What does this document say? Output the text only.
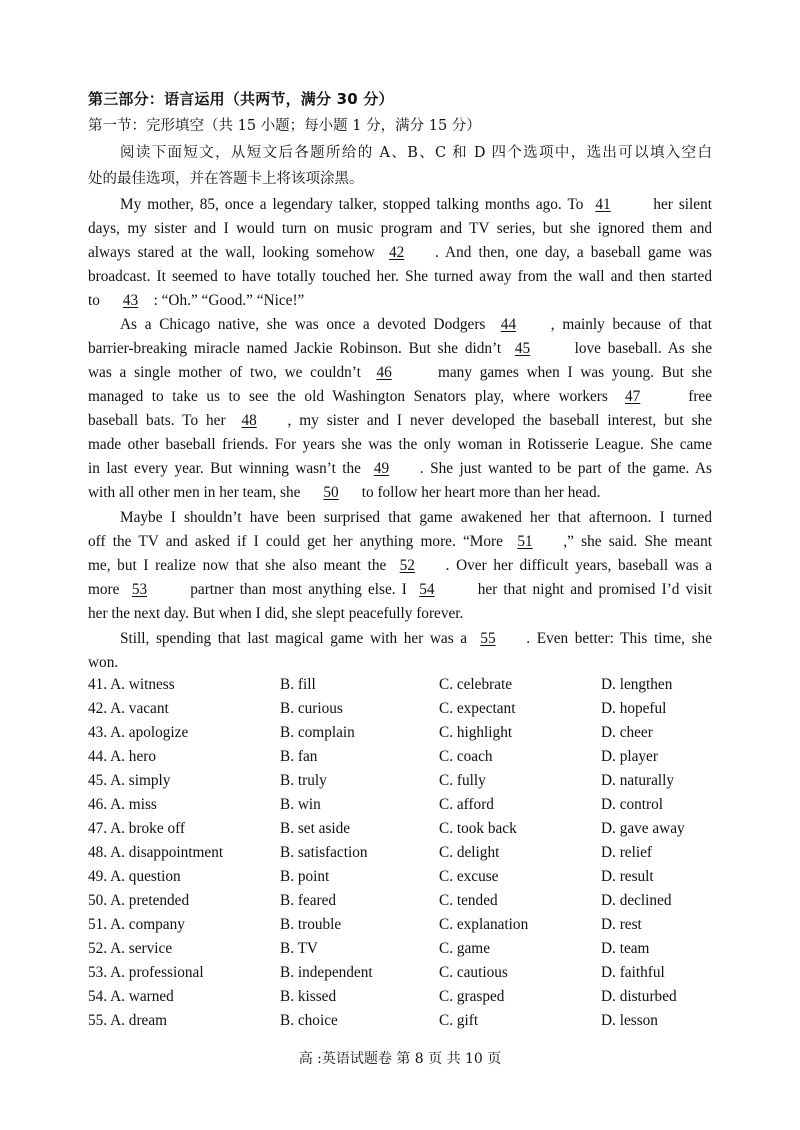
第三部分：语言运用（共两节，满分 30 分）
第一节：完形填空（共 15 小题；每小题 1 分，满分 15 分）
阅读下面短文，从短文后各题所给的 A、B、C 和 D 四个选项中，选出可以填入空白
处的最佳选项，并在答题卡上将该项涂黑。
My mother, 85, once a legendary talker, stopped talking months ago. To 41	her silent
days, my sister and I would turn on music program and TV series, but she ignored them and
always stared at the wall, looking somehow 42 . And then, one day, a baseball game was
broadcast. It seemed to have totally touched her. She turned away from the wall and then started
to 43 : “Oh.” “Good.” “Nice!”
As a Chicago native, she was once a devoted Dodgers 44 , mainly because of that
barrier-breaking miracle named Jackie Robinson. But she didn’t 45	love baseball. As she
was a single mother of two, we couldn’t 46	many games when I was young. But she
managed to take us to see the old Washington Senators play, where workers 47	free
baseball bats. To her 48 , my sister and I never developed the baseball interest, but she
made other baseball friends. For years she was the only woman in Rotisserie League. She came
in last every year. But winning wasn’t the 49 . She just wanted to be part of the game. As
with all other men in her team, she 50 to follow her heart more than her head.
Maybe I shouldn’t have been surprised that game awakened her that afternoon. I turned
off the TV and asked if I could get her anything more. “More 51 ,” she said. She meant
me, but I realize now that she also meant the 52 . Over her difficult years, baseball was a
more 53	partner than most anything else. I 54	her that night and promised I’d visit
her the next day. But when I did, she slept peacefully forever.
Still, spending that last magical game with her was a 55 . Even better: This time, she
won.
41. A. witness	B. fill	C. celebrate	D. lengthen
42. A. vacant	B. curious	C. expectant	D. hopeful
43. A. apologize	B. complain	C. highlight	D. cheer
44. A. hero	B. fan	C. coach	D. player
45. A. simply	B. truly	C. fully	D. naturally
46. A. miss	B. win	C. afford	D. control
47. A. broke off	B. set aside	C. took back	D. gave away
48. A. disappointment	B. satisfaction	C. delight	D. relief
49. A. question	B. point	C. excuse	D. result
50. A. pretended	B. feared	C. tended	D. declined
51. A. company	B. trouble	C. explanation	D. rest
52. A. service	B. TV	C. game	D. team
53. A. professional	B. independent	C. cautious	D. faithful
54. A. warned	B. kissed	C. grasped	D. disturbed
55. A. dream	B. choice	C. gift	D. lesson
高 :英语试题卷 第 8 页 共 10 页
